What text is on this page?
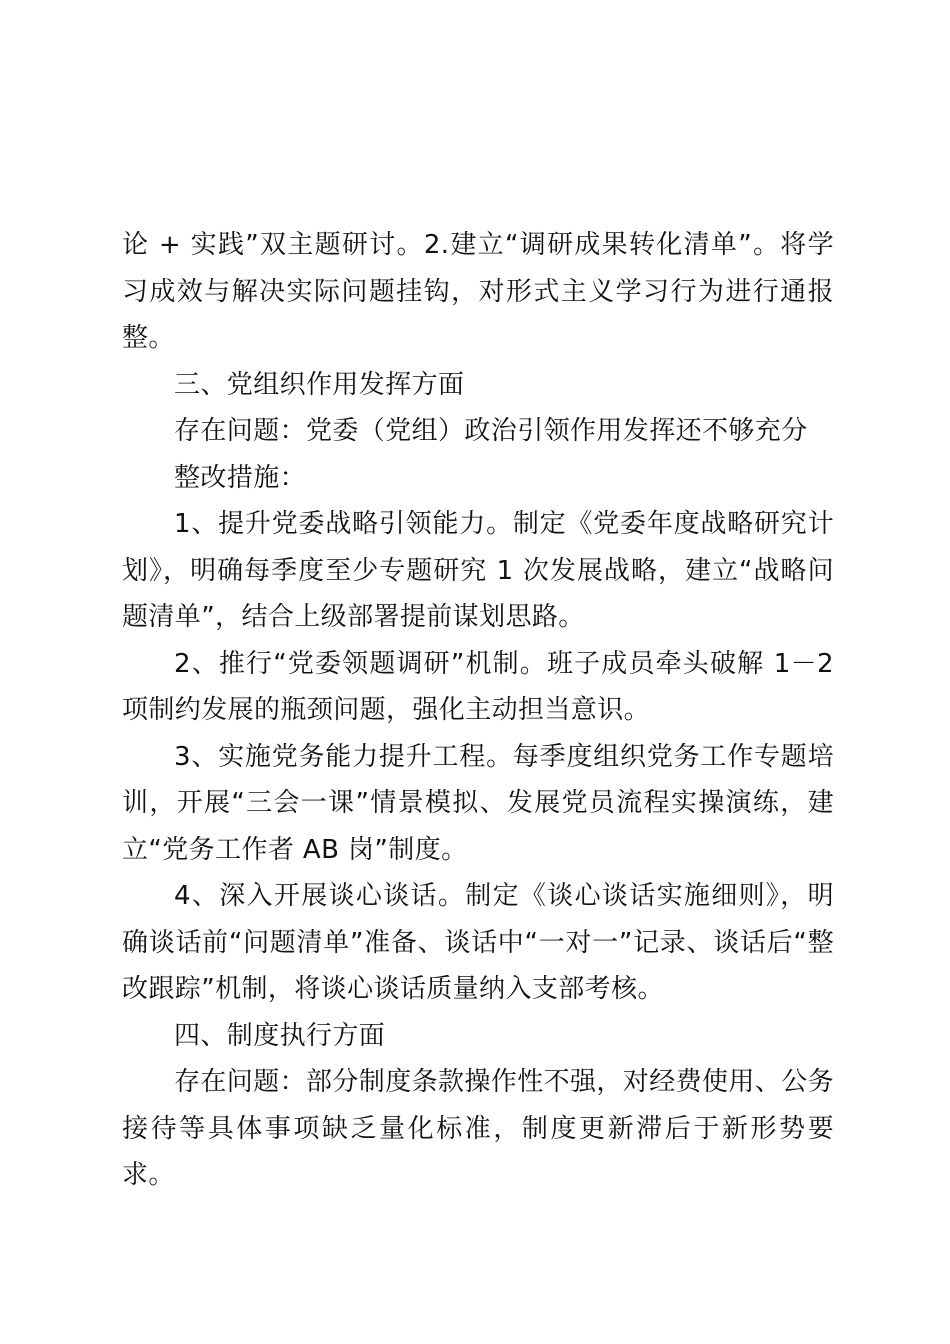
论 + 实践”双主题研讨。2.建立“调研成果转化清单”。将学习成效与解决实际问题挂钩，对形式主义学习行为进行通报整。

三、党组织作用发挥方面

存在问题：党委（党组）政治引领作用发挥还不够充分

整改措施：

1、提升党委战略引领能力。制定《党委年度战略研究计划》，明确每季度至少专题研究 1 次发展战略，建立“战略问题清单”，结合上级部署提前谋划思路。

2、推行“党委领题调研”机制。班子成员牵头破解 1－2 项制约发展的瓶颈问题，强化主动担当意识。

3、实施党务能力提升工程。每季度组织党务工作专题培训，开展“三会一课”情景模拟、发展党员流程实操演练，建立“党务工作者 AB 岗”制度。

4、深入开展谈心谈话。制定《谈心谈话实施细则》，明确谈话前“问题清单”准备、谈话中“一对一”记录、谈话后“整改跟踪”机制，将谈心谈话质量纳入支部考核。

四、制度执行方面

存在问题：部分制度条款操作性不强，对经费使用、公务接待等具体事项缺乏量化标准，制度更新滞后于新形势要求。
